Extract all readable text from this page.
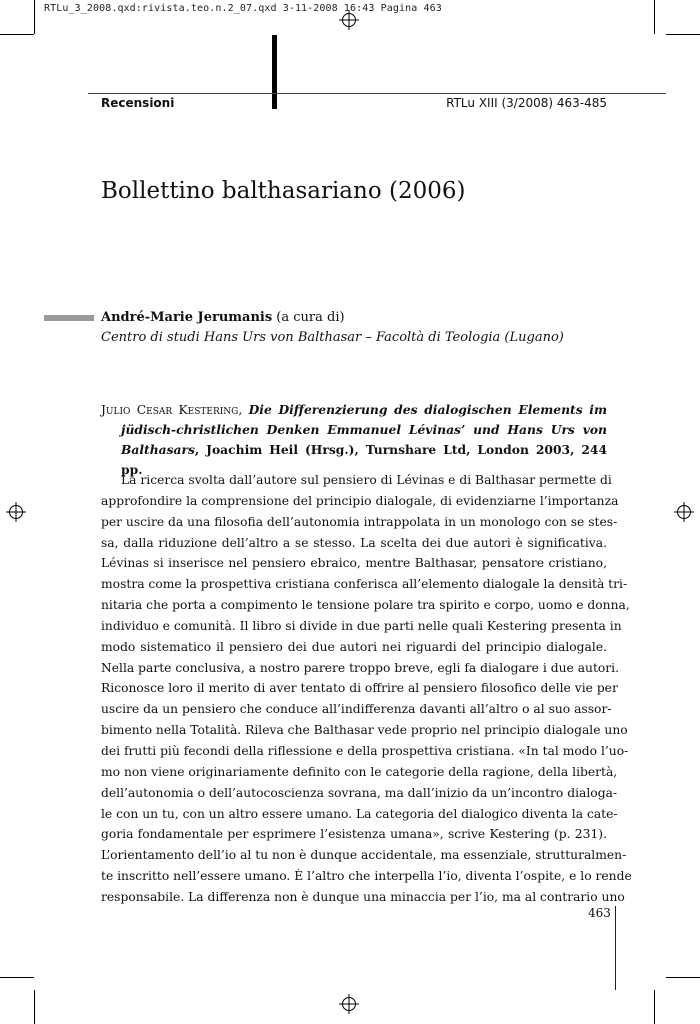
RTLu_3_2008.qxd:rivista.teo.n.2_07.qxd 3-11-2008 16:43 Pagina 463
Recensioni	RTLu XIII (3/2008) 463-485
Bollettino balthasariano (2006)
André-Marie Jerumanis (a cura di)
Centro di studi Hans Urs von Balthasar – Facoltà di Teologia (Lugano)
Julio Cesar Kestering, Die Differenzierung des dialogischen Elements im jüdisch-christlichen Denken Emmanuel Lévinas’ und Hans Urs von Balthasars, Joachim Heil (Hrsg.), Turnshare Ltd, London 2003, 244 pp.
La ricerca svolta dall’autore sul pensiero di Lévinas e di Balthasar permette di
approfondire la comprensione del principio dialogale, di evidenziarne l’importanza
per uscire da una filosofia dell’autonomia intrappolata in un monologo con se stes-
sa, dalla riduzione dell’altro a se stesso. La scelta dei due autori è significativa.
Lévinas si inserisce nel pensiero ebraico, mentre Balthasar, pensatore cristiano,
mostra come la prospettiva cristiana conferisca all’elemento dialogale la densità tri-
nitaria che porta a compimento le tensione polare tra spirito e corpo, uomo e donna,
individuo e comunità. Il libro si divide in due parti nelle quali Kestering presenta in
modo sistematico il pensiero dei due autori nei riguardi del principio dialogale.
Nella parte conclusiva, a nostro parere troppo breve, egli fa dialogare i due autori.
Riconosce loro il merito di aver tentato di offrire al pensiero filosofico delle vie per
uscire da un pensiero che conduce all’indifferenza davanti all’altro o al suo assor-
bimento nella Totalità. Rileva che Balthasar vede proprio nel principio dialogale uno
dei frutti più fecondi della riflessione e della prospettiva cristiana. «In tal modo l’uo-
mo non viene originariamente definito con le categorie della ragione, della libertà,
dell’autonomia o dell’autocoscienza sovrana, ma dall’inizio da un’incontro dialoga-
le con un tu, con un altro essere umano. La categoria del dialogico diventa la cate-
goria fondamentale per esprimere l’esistenza umana», scrive Kestering (p. 231).
L’orientamento dell’io al tu non è dunque accidentale, ma essenziale, strutturalmen-
te inscritto nell’essere umano. È l’altro che interpella l’io, diventa l’ospite, e lo rende
responsabile. La differenza non è dunque una minaccia per l’io, ma al contrario uno
463
